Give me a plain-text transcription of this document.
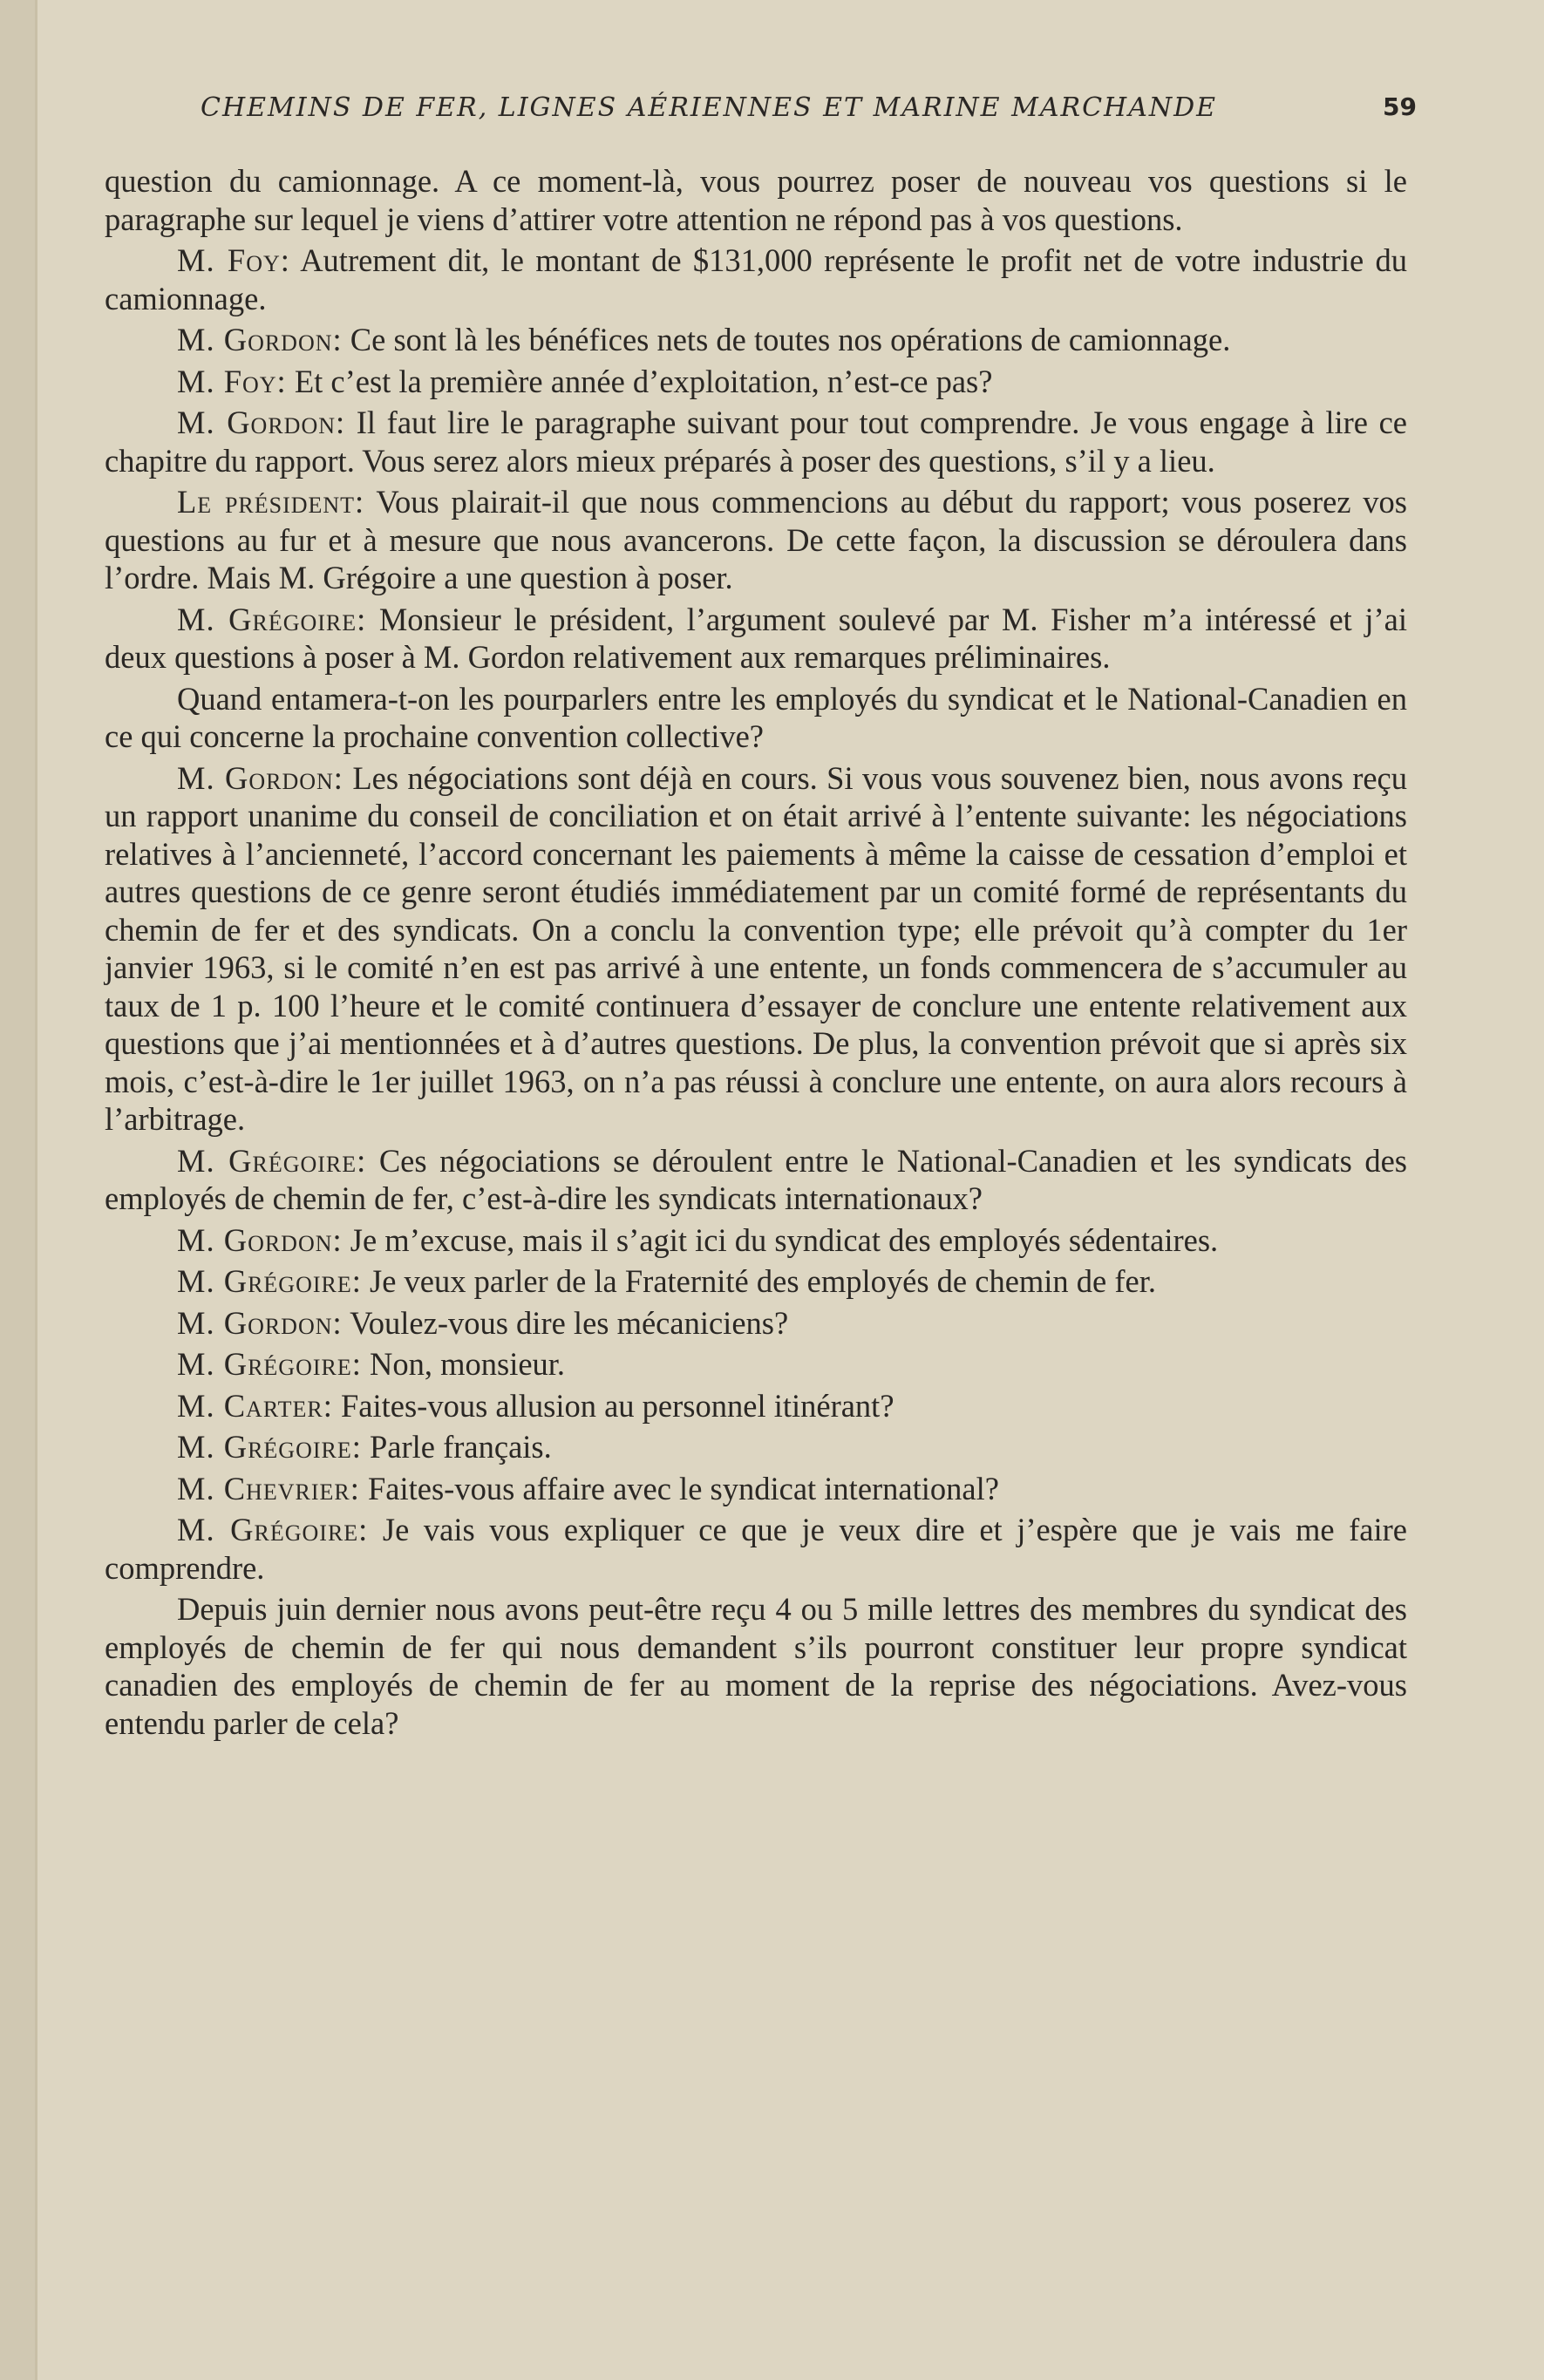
CHEMINS DE FER, LIGNES AÉRIENNES ET MARINE MARCHANDE	59

question du camionnage. A ce moment-là, vous pourrez poser de nouveau vos questions si le paragraphe sur lequel je viens d’attirer votre attention ne répond pas à vos questions.

M. Foy: Autrement dit, le montant de $131,000 représente le profit net de votre industrie du camionnage.

M. Gordon: Ce sont là les bénéfices nets de toutes nos opérations de camionnage.

M. Foy: Et c’est la première année d’exploitation, n’est-ce pas?

M. Gordon: Il faut lire le paragraphe suivant pour tout comprendre. Je vous engage à lire ce chapitre du rapport. Vous serez alors mieux préparés à poser des questions, s’il y a lieu.

Le président: Vous plairait-il que nous commencions au début du rapport; vous poserez vos questions au fur et à mesure que nous avancerons. De cette façon, la discussion se déroulera dans l’ordre. Mais M. Grégoire a une question à poser.

M. Grégoire: Monsieur le président, l’argument soulevé par M. Fisher m’a intéressé et j’ai deux questions à poser à M. Gordon relativement aux remarques préliminaires.

Quand entamera-t-on les pourparlers entre les employés du syndicat et le National-Canadien en ce qui concerne la prochaine convention collective?

M. Gordon: Les négociations sont déjà en cours. Si vous vous souvenez bien, nous avons reçu un rapport unanime du conseil de conciliation et on était arrivé à l’entente suivante: les négociations relatives à l’ancienneté, l’accord concernant les paiements à même la caisse de cessation d’emploi et autres questions de ce genre seront étudiés immédiatement par un comité formé de représentants du chemin de fer et des syndicats. On a conclu la convention type; elle prévoit qu’à compter du 1er janvier 1963, si le comité n’en est pas arrivé à une entente, un fonds commencera de s’accumuler au taux de 1 p. 100 l’heure et le comité continuera d’essayer de conclure une entente relativement aux questions que j’ai mentionnées et à d’autres questions. De plus, la convention prévoit que si après six mois, c’est-à-dire le 1er juillet 1963, on n’a pas réussi à conclure une entente, on aura alors recours à l’arbitrage.

M. Grégoire: Ces négociations se déroulent entre le National-Canadien et les syndicats des employés de chemin de fer, c’est-à-dire les syndicats internationaux?

M. Gordon: Je m’excuse, mais il s’agit ici du syndicat des employés sédentaires.

M. Grégoire: Je veux parler de la Fraternité des employés de chemin de fer.

M. Gordon: Voulez-vous dire les mécaniciens?

M. Grégoire: Non, monsieur.

M. Carter: Faites-vous allusion au personnel itinérant?

M. Grégoire: Parle français.

M. Chevrier: Faites-vous affaire avec le syndicat international?

M. Grégoire: Je vais vous expliquer ce que je veux dire et j’espère que je vais me faire comprendre.

Depuis juin dernier nous avons peut-être reçu 4 ou 5 mille lettres des membres du syndicat des employés de chemin de fer qui nous demandent s’ils pourront constituer leur propre syndicat canadien des employés de chemin de fer au moment de la reprise des négociations. Avez-vous entendu parler de cela?
